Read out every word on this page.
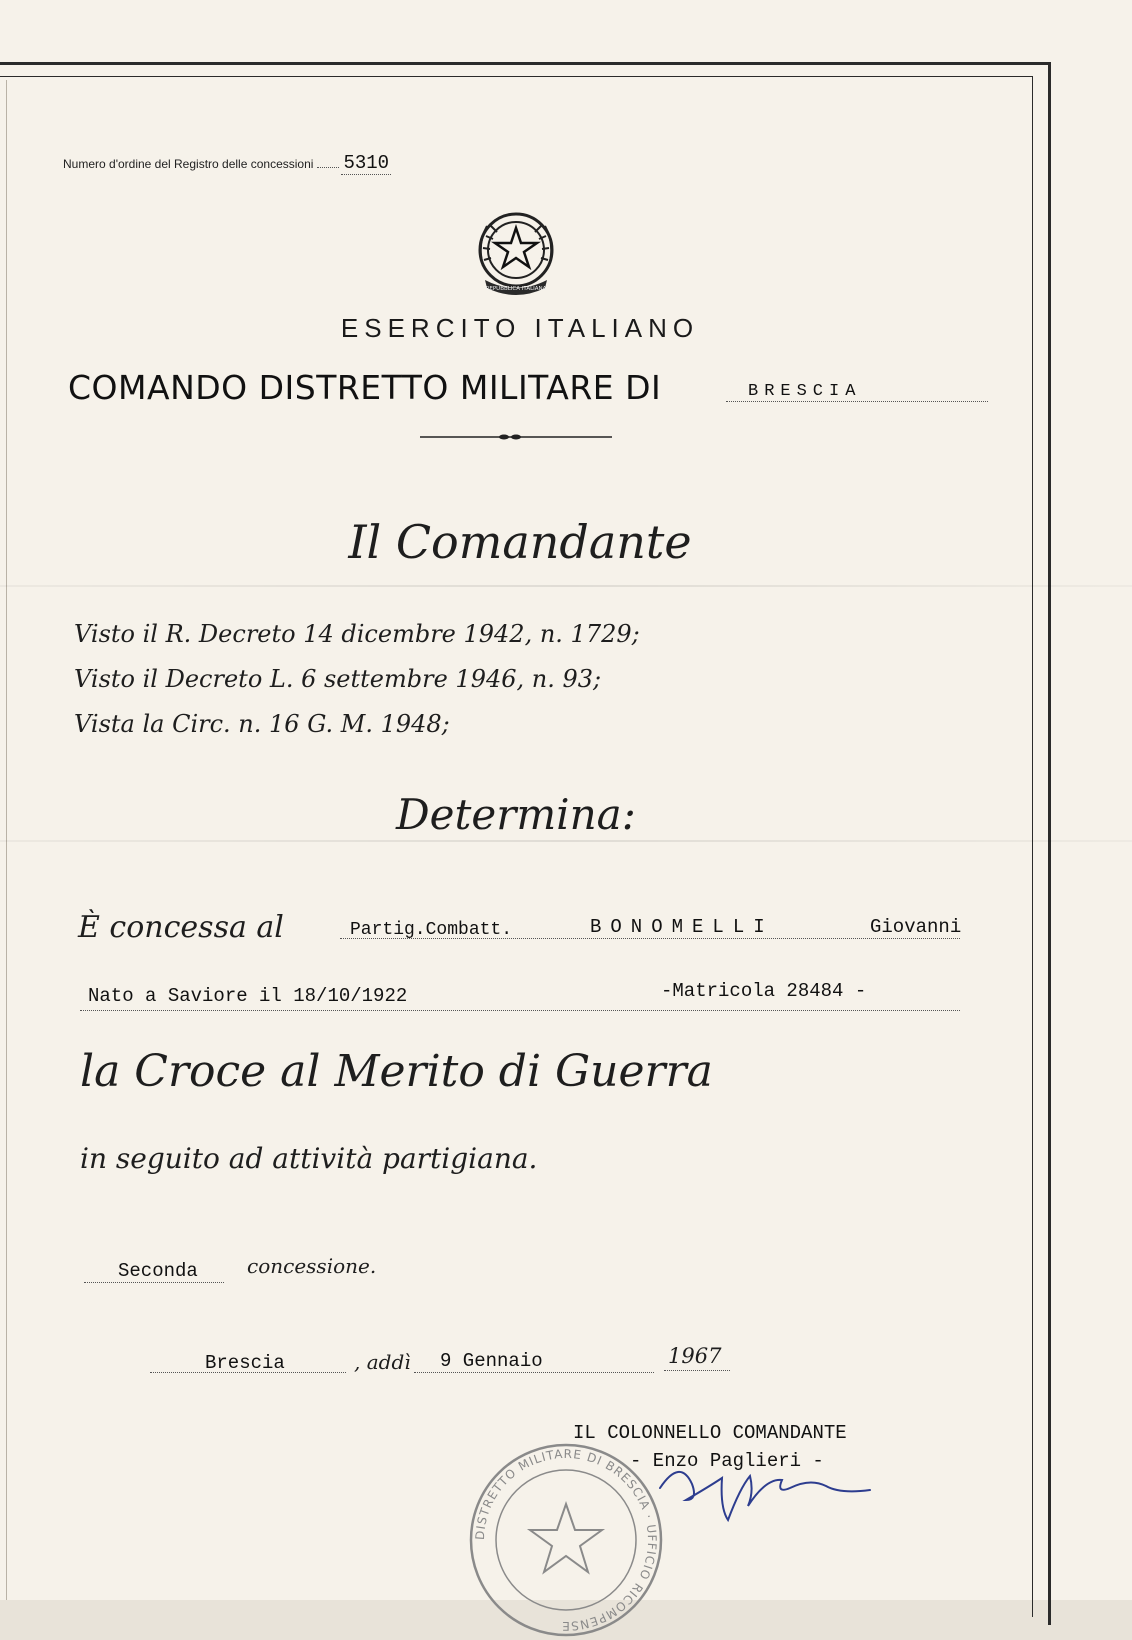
Numero d'ordine del Registro delle concessioni 5310
REPUBBLICA ITALIANA
ESERCITO ITALIANO
COMANDO DISTRETTO MILITARE DI	BRESCIA
Il Comandante
Visto il R. Decreto 14 dicembre 1942, n. 1729;
Visto il Decreto L. 6 settembre 1946, n. 93;
Vista la Circ. n. 16 G. M. 1948;
Determina:
È concessa al	Partig.Combatt.	BONOMELLI	Giovanni
Nato a Saviore il 18/10/1922	-Matricola 28484 -
la Croce al Merito di Guerra
in seguito ad attività partigiana.
Seconda concessione.
Brescia	, addì 9 Gennaio	1967
DISTRETTO MILITARE DI BRESCIA · UFFICIO RICOMPENSE
IL COLONNELLO COMANDANTE
- Enzo Paglieri -
